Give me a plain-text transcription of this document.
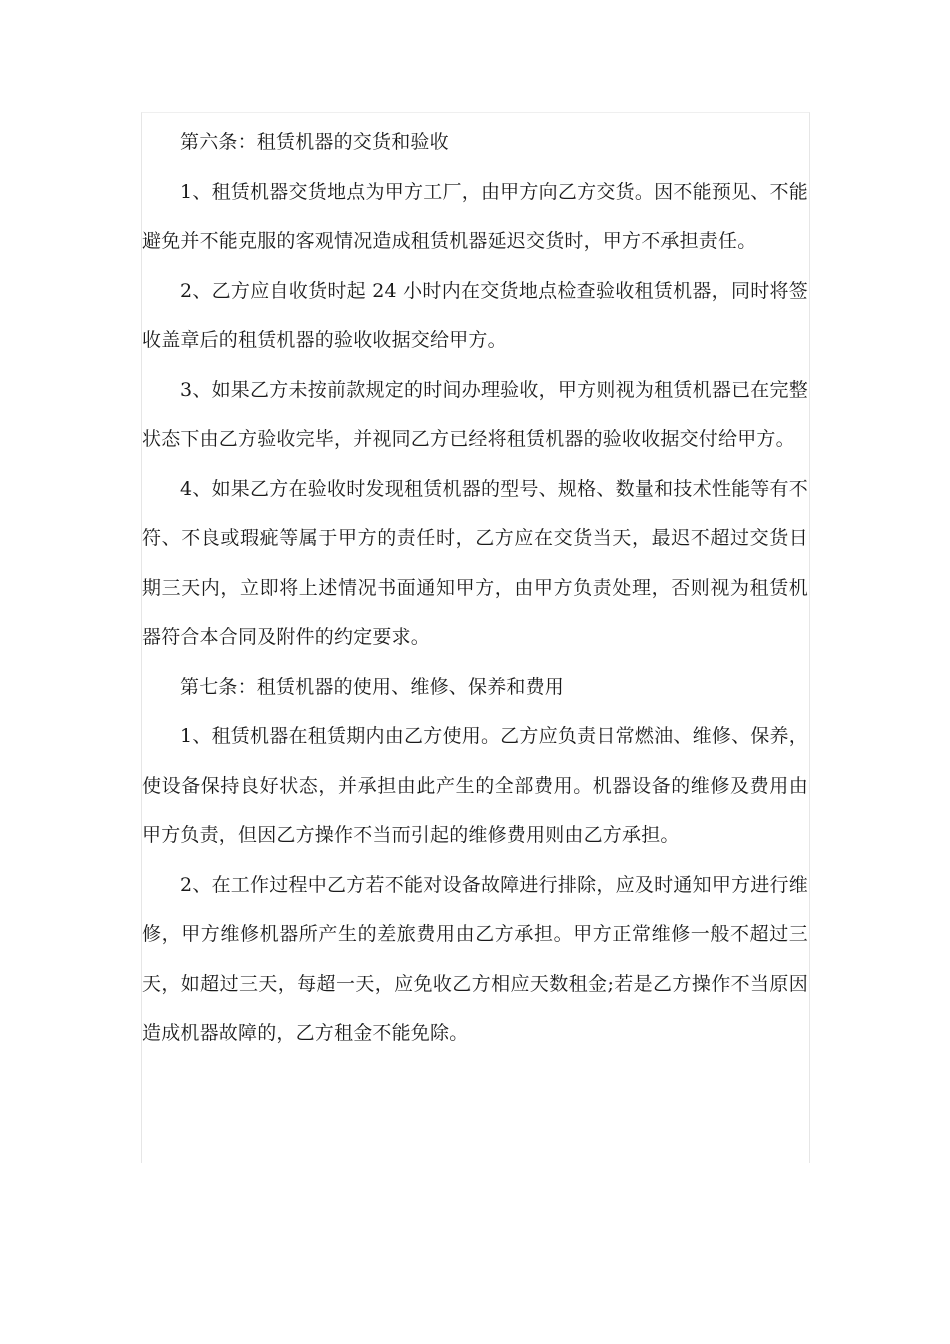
第六条：租赁机器的交货和验收

1、租赁机器交货地点为甲方工厂，由甲方向乙方交货。因不能预见、不能避免并不能克服的客观情况造成租赁机器延迟交货时，甲方不承担责任。

2、乙方应自收货时起 24 小时内在交货地点检查验收租赁机器，同时将签收盖章后的租赁机器的验收收据交给甲方。

3、如果乙方未按前款规定的时间办理验收，甲方则视为租赁机器已在完整状态下由乙方验收完毕，并视同乙方已经将租赁机器的验收收据交付给甲方。

4、如果乙方在验收时发现租赁机器的型号、规格、数量和技术性能等有不符、不良或瑕疵等属于甲方的责任时，乙方应在交货当天，最迟不超过交货日期三天内，立即将上述情况书面通知甲方，由甲方负责处理，否则视为租赁机器符合本合同及附件的约定要求。

第七条：租赁机器的使用、维修、保养和费用

1、租赁机器在租赁期内由乙方使用。乙方应负责日常燃油、维修、保养，使设备保持良好状态，并承担由此产生的全部费用。机器设备的维修及费用由甲方负责，但因乙方操作不当而引起的维修费用则由乙方承担。

2、在工作过程中乙方若不能对设备故障进行排除，应及时通知甲方进行维修，甲方维修机器所产生的差旅费用由乙方承担。甲方正常维修一般不超过三天，如超过三天，每超一天，应免收乙方相应天数租金;若是乙方操作不当原因造成机器故障的，乙方租金不能免除。
